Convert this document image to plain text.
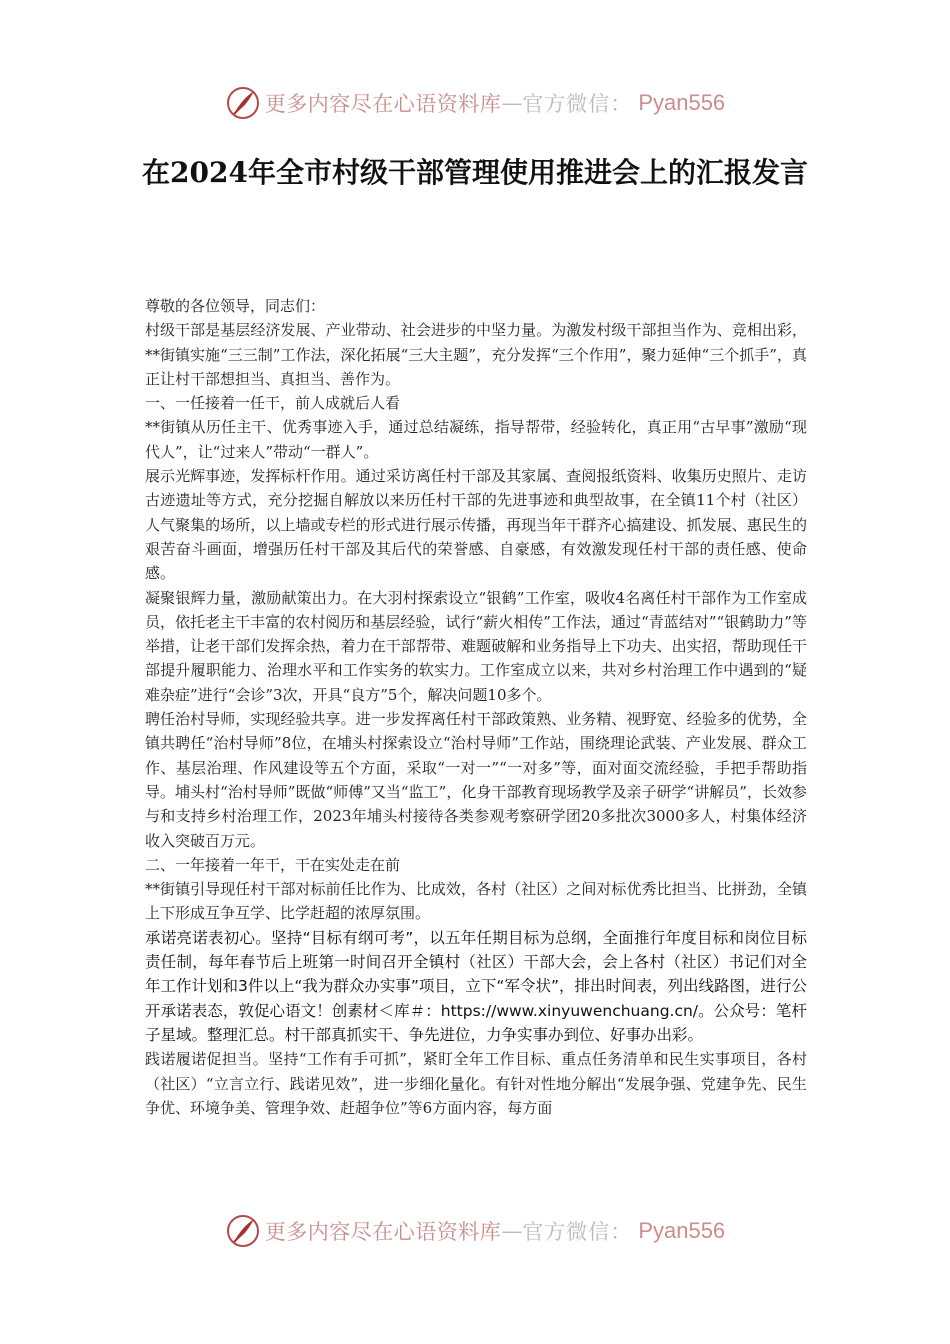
更多内容尽在心语资料库 — 官方微信： Pyan556
在2024年全市村级干部管理使用推进会上的汇报发言

尊敬的各位领导，同志们：

村级干部是基层经济发展、产业带动、社会进步的中坚力量。为激发村级干部担当作为、竞相出彩，**街镇实施“三三制”工作法，深化拓展“三大主题”，充分发挥“三个作用”，聚力延伸“三个抓手”，真正让村干部想担当、真担当、善作为。

一、一任接着一任干，前人成就后人看

**街镇从历任主干、优秀事迹入手，通过总结凝练，指导帮带，经验转化，真正用“古早事”激励“现代人”，让“过来人”带动“一群人”。

展示光辉事迹，发挥标杆作用。通过采访离任村干部及其家属、查阅报纸资料、收集历史照片、走访古迹遗址等方式，充分挖掘自解放以来历任村干部的先进事迹和典型故事，在全镇11个村（社区）人气聚集的场所，以上墙或专栏的形式进行展示传播，再现当年干群齐心搞建设、抓发展、惠民生的艰苦奋斗画面，增强历任村干部及其后代的荣誉感、自豪感，有效激发现任村干部的责任感、使命感。

凝聚银辉力量，激励献策出力。在大羽村探索设立“银鹤”工作室，吸收4名离任村干部作为工作室成员，依托老主干丰富的农村阅历和基层经验，试行“薪火相传”工作法，通过“青蓝结对”“银鹤助力”等举措，让老干部们发挥余热，着力在干部帮带、难题破解和业务指导上下功夫、出实招，帮助现任干部提升履职能力、治理水平和工作实务的软实力。工作室成立以来，共对乡村治理工作中遇到的“疑难杂症”进行“会诊”3次，开具“良方”5个，解决问题10多个。

聘任治村导师，实现经验共享。进一步发挥离任村干部政策熟、业务精、视野宽、经验多的优势，全镇共聘任“治村导师”8位，在埔头村探索设立“治村导师”工作站，围绕理论武装、产业发展、群众工作、基层治理、作风建设等五个方面，采取“一对一”“一对多”等，面对面交流经验，手把手帮助指导。埔头村“治村导师”既做“师傅”又当“监工”，化身干部教育现场教学及亲子研学“讲解员”，长效参与和支持乡村治理工作，2023年埔头村接待各类参观考察研学团20多批次3000多人，村集体经济收入突破百万元。

二、一年接着一年干，干在实处走在前

**街镇引导现任村干部对标前任比作为、比成效，各村（社区）之间对标优秀比担当、比拼劲，全镇上下形成互争互学、比学赶超的浓厚氛围。

承诺亮诺表初心。坚持“目标有纲可考”，以五年任期目标为总纲，全面推行年度目标和岗位目标责任制，每年春节后上班第一时间召开全镇村（社区）干部大会，会上各村（社区）书记们对全年工作计划和3件以上“我为群众办实事”项目，立下“军令状”，排出时间表，列出线路图，进行公开承诺表态，敦促心语文！创素材＜库＃：https://www.xinyuwenchuang.cn/。公众号：笔杆子星域。整理汇总。村干部真抓实干、争先进位，力争实事办到位、好事办出彩。

践诺履诺促担当。坚持“工作有手可抓”，紧盯全年工作目标、重点任务清单和民生实事项目，各村（社区）“立言立行、践诺见效”，进一步细化量化。有针对性地分解出“发展争强、党建争先、民生争优、环境争美、管理争效、赶超争位”等6方面内容，每方面

更多内容尽在心语资料库 — 官方微信： Pyan556
